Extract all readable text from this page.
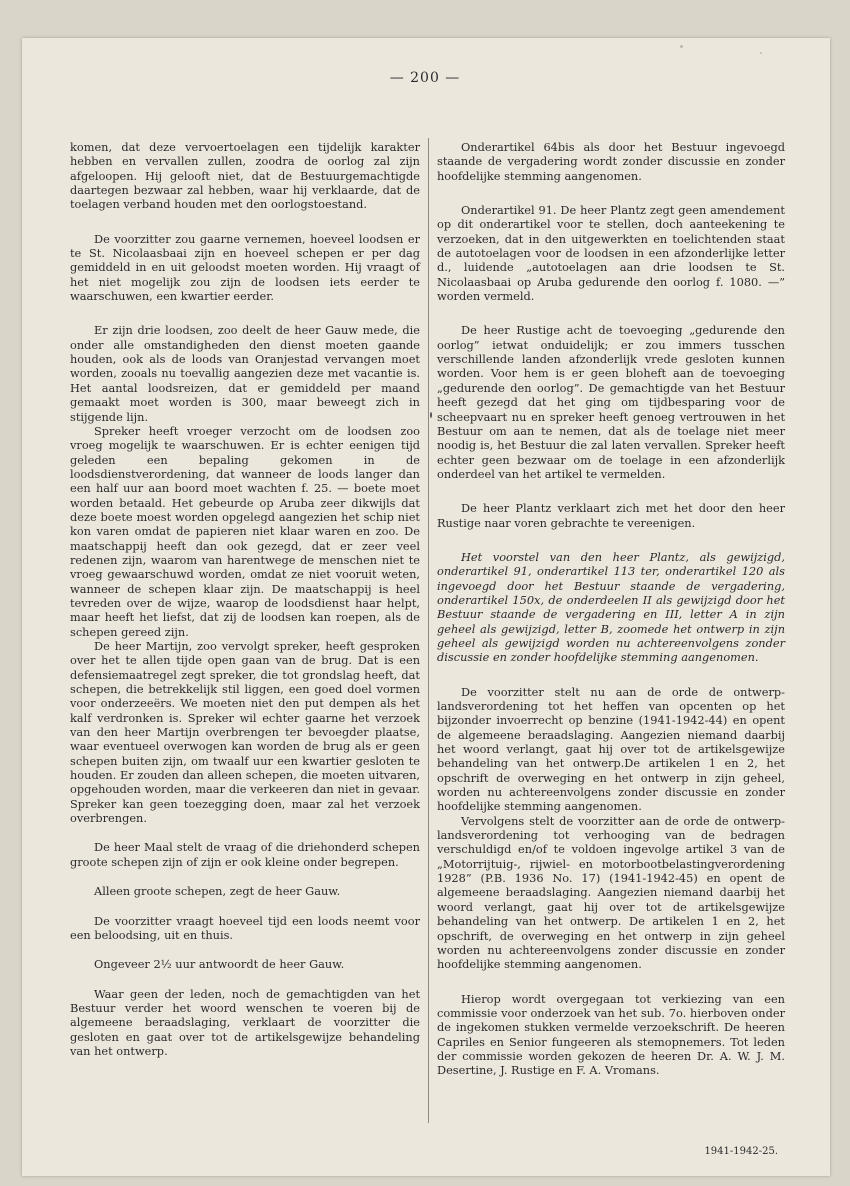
— 200 —

komen, dat deze vervoertoelagen een tijdelijk karakter hebben en vervallen zullen, zoodra de oorlog zal zijn afgeloopen. Hij gelooft niet, dat de Bestuurgemachtigde daartegen bezwaar zal hebben, waar hij verklaarde, dat de toelagen verband houden met den oorlogstoestand.

De voorzitter zou gaarne vernemen, hoeveel loodsen er te St. Nicolaasbaai zijn en hoeveel schepen er per dag gemiddeld in en uit geloodst moeten worden. Hij vraagt of het niet mogelijk zou zijn de loodsen iets eerder te waarschuwen, een kwartier eerder.

Er zijn drie loodsen, zoo deelt de heer Gauw mede, die onder alle omstandigheden den dienst moeten gaande houden, ook als de loods van Oranjestad vervangen moet worden, zooals nu toevallig aangezien deze met vacantie is. Het aantal loodsreizen, dat er gemiddeld per maand gemaakt moet worden is 300, maar beweegt zich in stijgende lijn.

Spreker heeft vroeger verzocht om de loodsen zoo vroeg mogelijk te waarschuwen. Er is echter eenigen tijd geleden een bepaling gekomen in de loodsdienstverordening, dat wanneer de loods langer dan een half uur aan boord moet wachten f. 25. — boete moet worden betaald. Het gebeurde op Aruba zeer dikwijls dat deze boete moest worden opgelegd aangezien het schip niet kon varen omdat de papieren niet klaar waren en zoo. De maatschappij heeft dan ook gezegd, dat er zeer veel redenen zijn, waarom van harentwege de menschen niet te vroeg gewaarschuwd worden, omdat ze niet vooruit weten, wanneer de schepen klaar zijn. De maatschappij is heel tevreden over de wijze, waarop de loodsdienst haar helpt, maar heeft het liefst, dat zij de loodsen kan roepen, als de schepen gereed zijn.

De heer Martijn, zoo vervolgt spreker, heeft gesproken over het te allen tijde open gaan van de brug. Dat is een defensiemaatregel zegt spreker, die tot grondslag heeft, dat schepen, die betrekkelijk stil liggen, een goed doel vormen voor onderzeeërs. We moeten niet den put dempen als het kalf verdronken is. Spreker wil echter gaarne het verzoek van den heer Martijn overbrengen ter bevoegder plaatse, waar eventueel overwogen kan worden de brug als er geen schepen buiten zijn, om twaalf uur een kwartier gesloten te houden. Er zouden dan alleen schepen, die moeten uitvaren, opgehouden worden, maar die verkeeren dan niet in gevaar. Spreker kan geen toezegging doen, maar zal het verzoek overbrengen.

De heer Maal stelt de vraag of die driehonderd schepen groote schepen zijn of zijn er ook kleine onder begrepen.

Alleen groote schepen, zegt de heer Gauw.

De voorzitter vraagt hoeveel tijd een loods neemt voor een beloodsing, uit en thuis.

Ongeveer 2½ uur antwoordt de heer Gauw.

Waar geen der leden, noch de gemachtigden van het Bestuur verder het woord wenschen te voeren bij de algemeene beraadslaging, verklaart de voorzitter die gesloten en gaat over tot de artikelsgewijze behandeling van het ontwerp.

Onderartikel 64bis als door het Bestuur ingevoegd staande de vergadering wordt zonder discussie en zonder hoofdelijke stemming aangenomen.

Onderartikel 91. De heer Plantz zegt geen amendement op dit onderartikel voor te stellen, doch aanteekening te verzoeken, dat in den uitgewerkten en toelichtenden staat de autotoelagen voor de loodsen in een afzonderlijke letter d., luidende „autotoelagen aan drie loodsen te St. Nicolaasbaai op Aruba gedurende den oorlog f. 1080. —” worden vermeld.

De heer Rustige acht de toevoeging „gedurende den oorlog” ietwat onduidelijk; er zou immers tusschen verschillende landen afzonderlijk vrede gesloten kunnen worden. Voor hem is er geen bloheft aan de toevoeging „gedurende den oorlog”. De gemachtigde van het Bestuur heeft gezegd dat het ging om tijdbesparing voor de scheepvaart nu en spreker heeft genoeg vertrouwen in het Bestuur om aan te nemen, dat als de toelage niet meer noodig is, het Bestuur die zal laten vervallen. Spreker heeft echter geen bezwaar om de toelage in een afzonderlijk onderdeel van het artikel te vermelden.

De heer Plantz verklaart zich met het door den heer Rustige naar voren gebrachte te vereenigen.

Het voorstel van den heer Plantz, als gewijzigd, onderartikel 91, onderartikel 113 ter, onderartikel 120 als ingevoegd door het Bestuur staande de vergadering, onderartikel 150x, de onderdeelen II als gewijzigd door het Bestuur staande de vergadering en III, letter A in zijn geheel als gewijzigd, letter B, zoomede het ontwerp in zijn geheel als gewijzigd worden nu achtereenvolgens zonder discussie en zonder hoofdelijke stemming aangenomen.

De voorzitter stelt nu aan de orde de ontwerp-landsverordening tot het heffen van opcenten op het bijzonder invoerrecht op benzine (1941-1942-44) en opent de algemeene beraadslaging. Aangezien niemand daarbij het woord verlangt, gaat hij over tot de artikelsgewijze behandeling van het ontwerp.De artikelen 1 en 2, het opschrift de overweging en het ontwerp in zijn geheel, worden nu achtereenvolgens zonder discussie en zonder hoofdelijke stemming aangenomen.

Vervolgens stelt de voorzitter aan de orde de ontwerp-landsverordening tot verhooging van de bedragen verschuldigd en/of te voldoen ingevolge artikel 3 van de „Motorrijtuig-, rijwiel- en motorbootbelastingverordening 1928” (P.B. 1936 No. 17) (1941-1942-45) en opent de algemeene beraadslaging. Aangezien niemand daarbij het woord verlangt, gaat hij over tot de artikelsgewijze behandeling van het ontwerp. De artikelen 1 en 2, het opschrift, de overweging en het ontwerp in zijn geheel worden nu achtereenvolgens zonder discussie en zonder hoofdelijke stemming aangenomen.

Hierop wordt overgegaan tot verkiezing van een commissie voor onderzoek van het sub. 7o. hierboven onder de ingekomen stukken vermelde verzoekschrift. De heeren Capriles en Senior fungeeren als stemopnemers. Tot leden der commissie worden gekozen de heeren Dr. A. W. J. M. Desertine, J. Rustige en F. A. Vromans.

1941-1942-25.
